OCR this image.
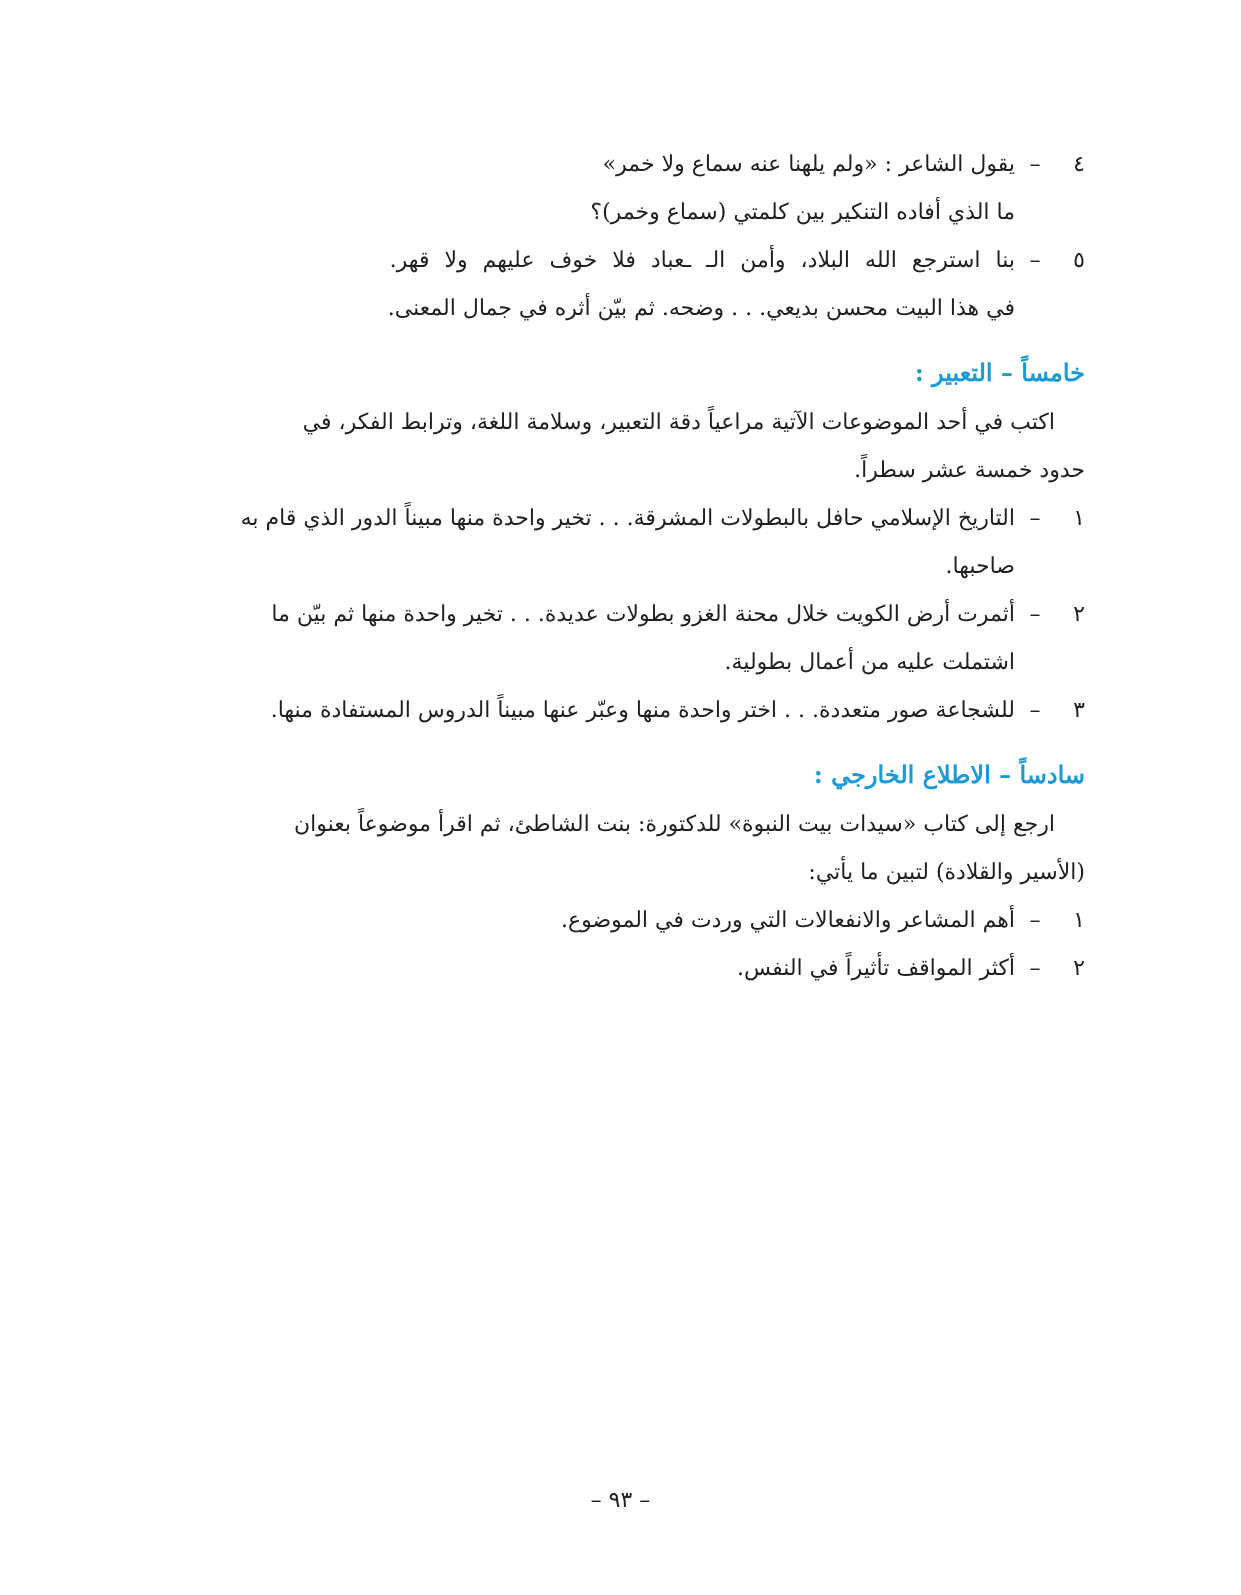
٤–يقول الشاعر : «ولم يلهنا عنه سماع ولا خمر»
ما الذي أفاده التنكير بين كلمتي (سماع وخمر)؟
٥–بنا استرجع الله البلاد، وأمن الـ ـعباد فلا خوف عليهم ولا قهر.
في هذا البيت محسن بديعي. . . وضحه. ثم بيّن أثره في جمال المعنى.
خامساً – التعبير :
اكتب في أحد الموضوعات الآتية مراعياً دقة التعبير، وسلامة اللغة، وترابط الفكر، في
حدود خمسة عشر سطراً.
١–التاريخ الإسلامي حافل بالبطولات المشرقة. . . تخير واحدة منها مبيناً الدور الذي قام به
صاحبها.
٢–أثمرت أرض الكويت خلال محنة الغزو بطولات عديدة. . . تخير واحدة منها ثم بيّن ما
اشتملت عليه من أعمال بطولية.
٣–للشجاعة صور متعددة. . . اختر واحدة منها وعبّر عنها مبيناً الدروس المستفادة منها.
سادساً – الاطلاع الخارجي :
ارجع إلى كتاب «سيدات بيت النبوة» للدكتورة: بنت الشاطئ، ثم اقرأ موضوعاً بعنوان
(الأسير والقلادة) لتبين ما يأتي:
١–أهم المشاعر والانفعالات التي وردت في الموضوع.
٢–أكثر المواقف تأثيراً في النفس.
– ٩٣ –
